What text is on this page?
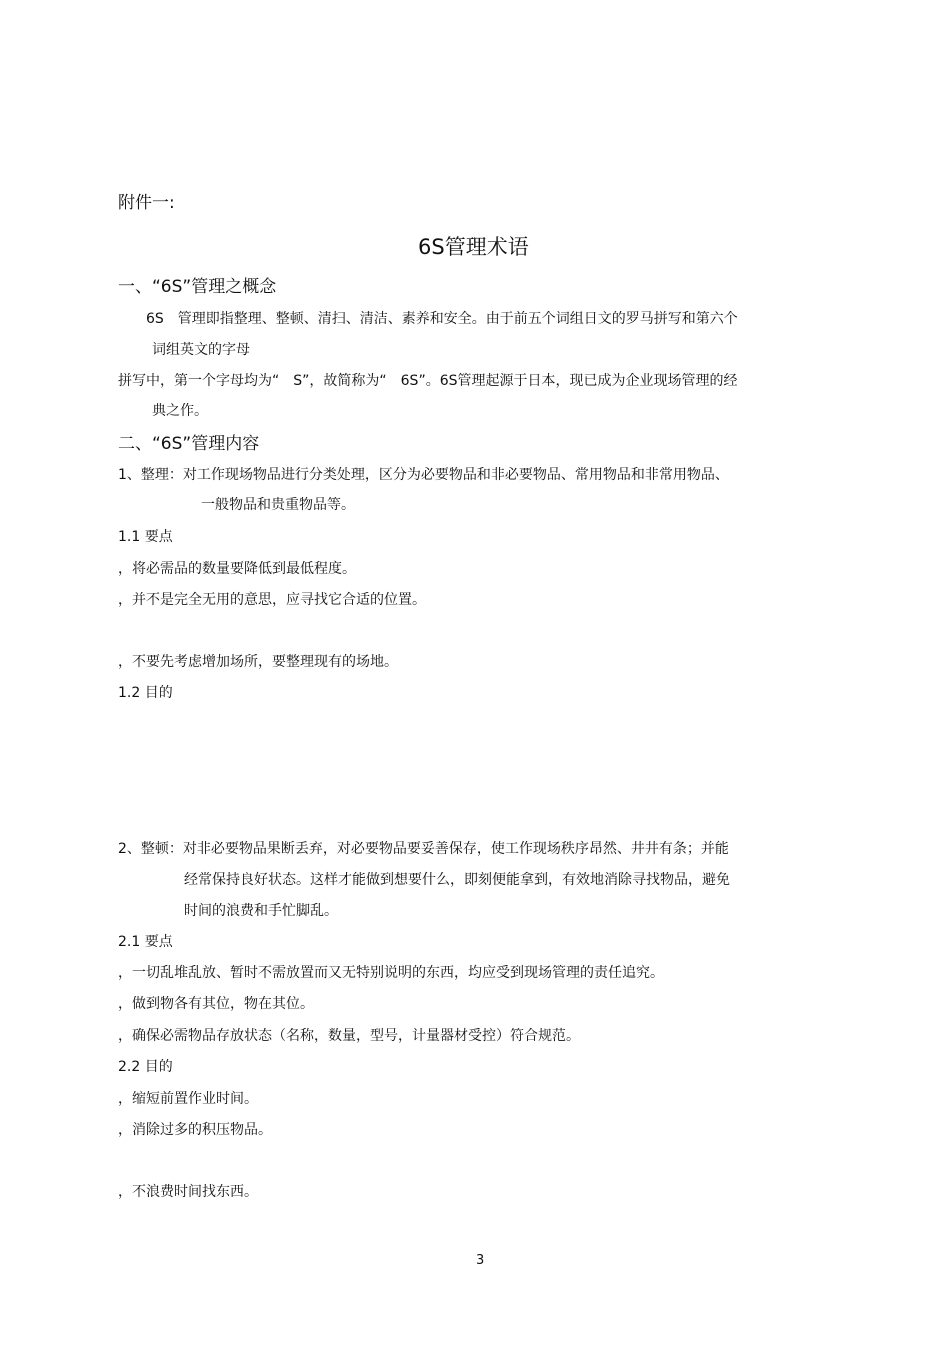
附件一:
6S管理术语
一、“6S”管理之概念
6S　管理即指整理、整顿、清扫、清洁、素养和安全。由于前五个词组日文的罗马拼写和第六个
词组英文的字母
拼写中，第一个字母均为“　S”，故简称为“　6S”。6S管理起源于日本，现已成为企业现场管理的经
典之作。
二、“6S”管理内容
1、整理：对工作现场物品进行分类处理，区分为必要物品和非必要物品、常用物品和非常用物品、
一般物品和贵重物品等。
1.1 要点
，将必需品的数量要降低到最低程度。
，并不是完全无用的意思，应寻找它合适的位置。
，不要先考虑增加场所，要整理现有的场地。
1.2 目的
2、整顿：对非必要物品果断丢弃，对必要物品要妥善保存，使工作现场秩序昂然、井井有条；并能
经常保持良好状态。这样才能做到想要什么，即刻便能拿到，有效地消除寻找物品，避免
时间的浪费和手忙脚乱。
2.1 要点
，一切乱堆乱放、暂时不需放置而又无特别说明的东西，均应受到现场管理的责任追究。
，做到物各有其位，物在其位。
，确保必需物品存放状态（名称，数量，型号，计量器材受控）符合规范。
2.2 目的
，缩短前置作业时间。
，消除过多的积压物品。
，不浪费时间找东西。
3
